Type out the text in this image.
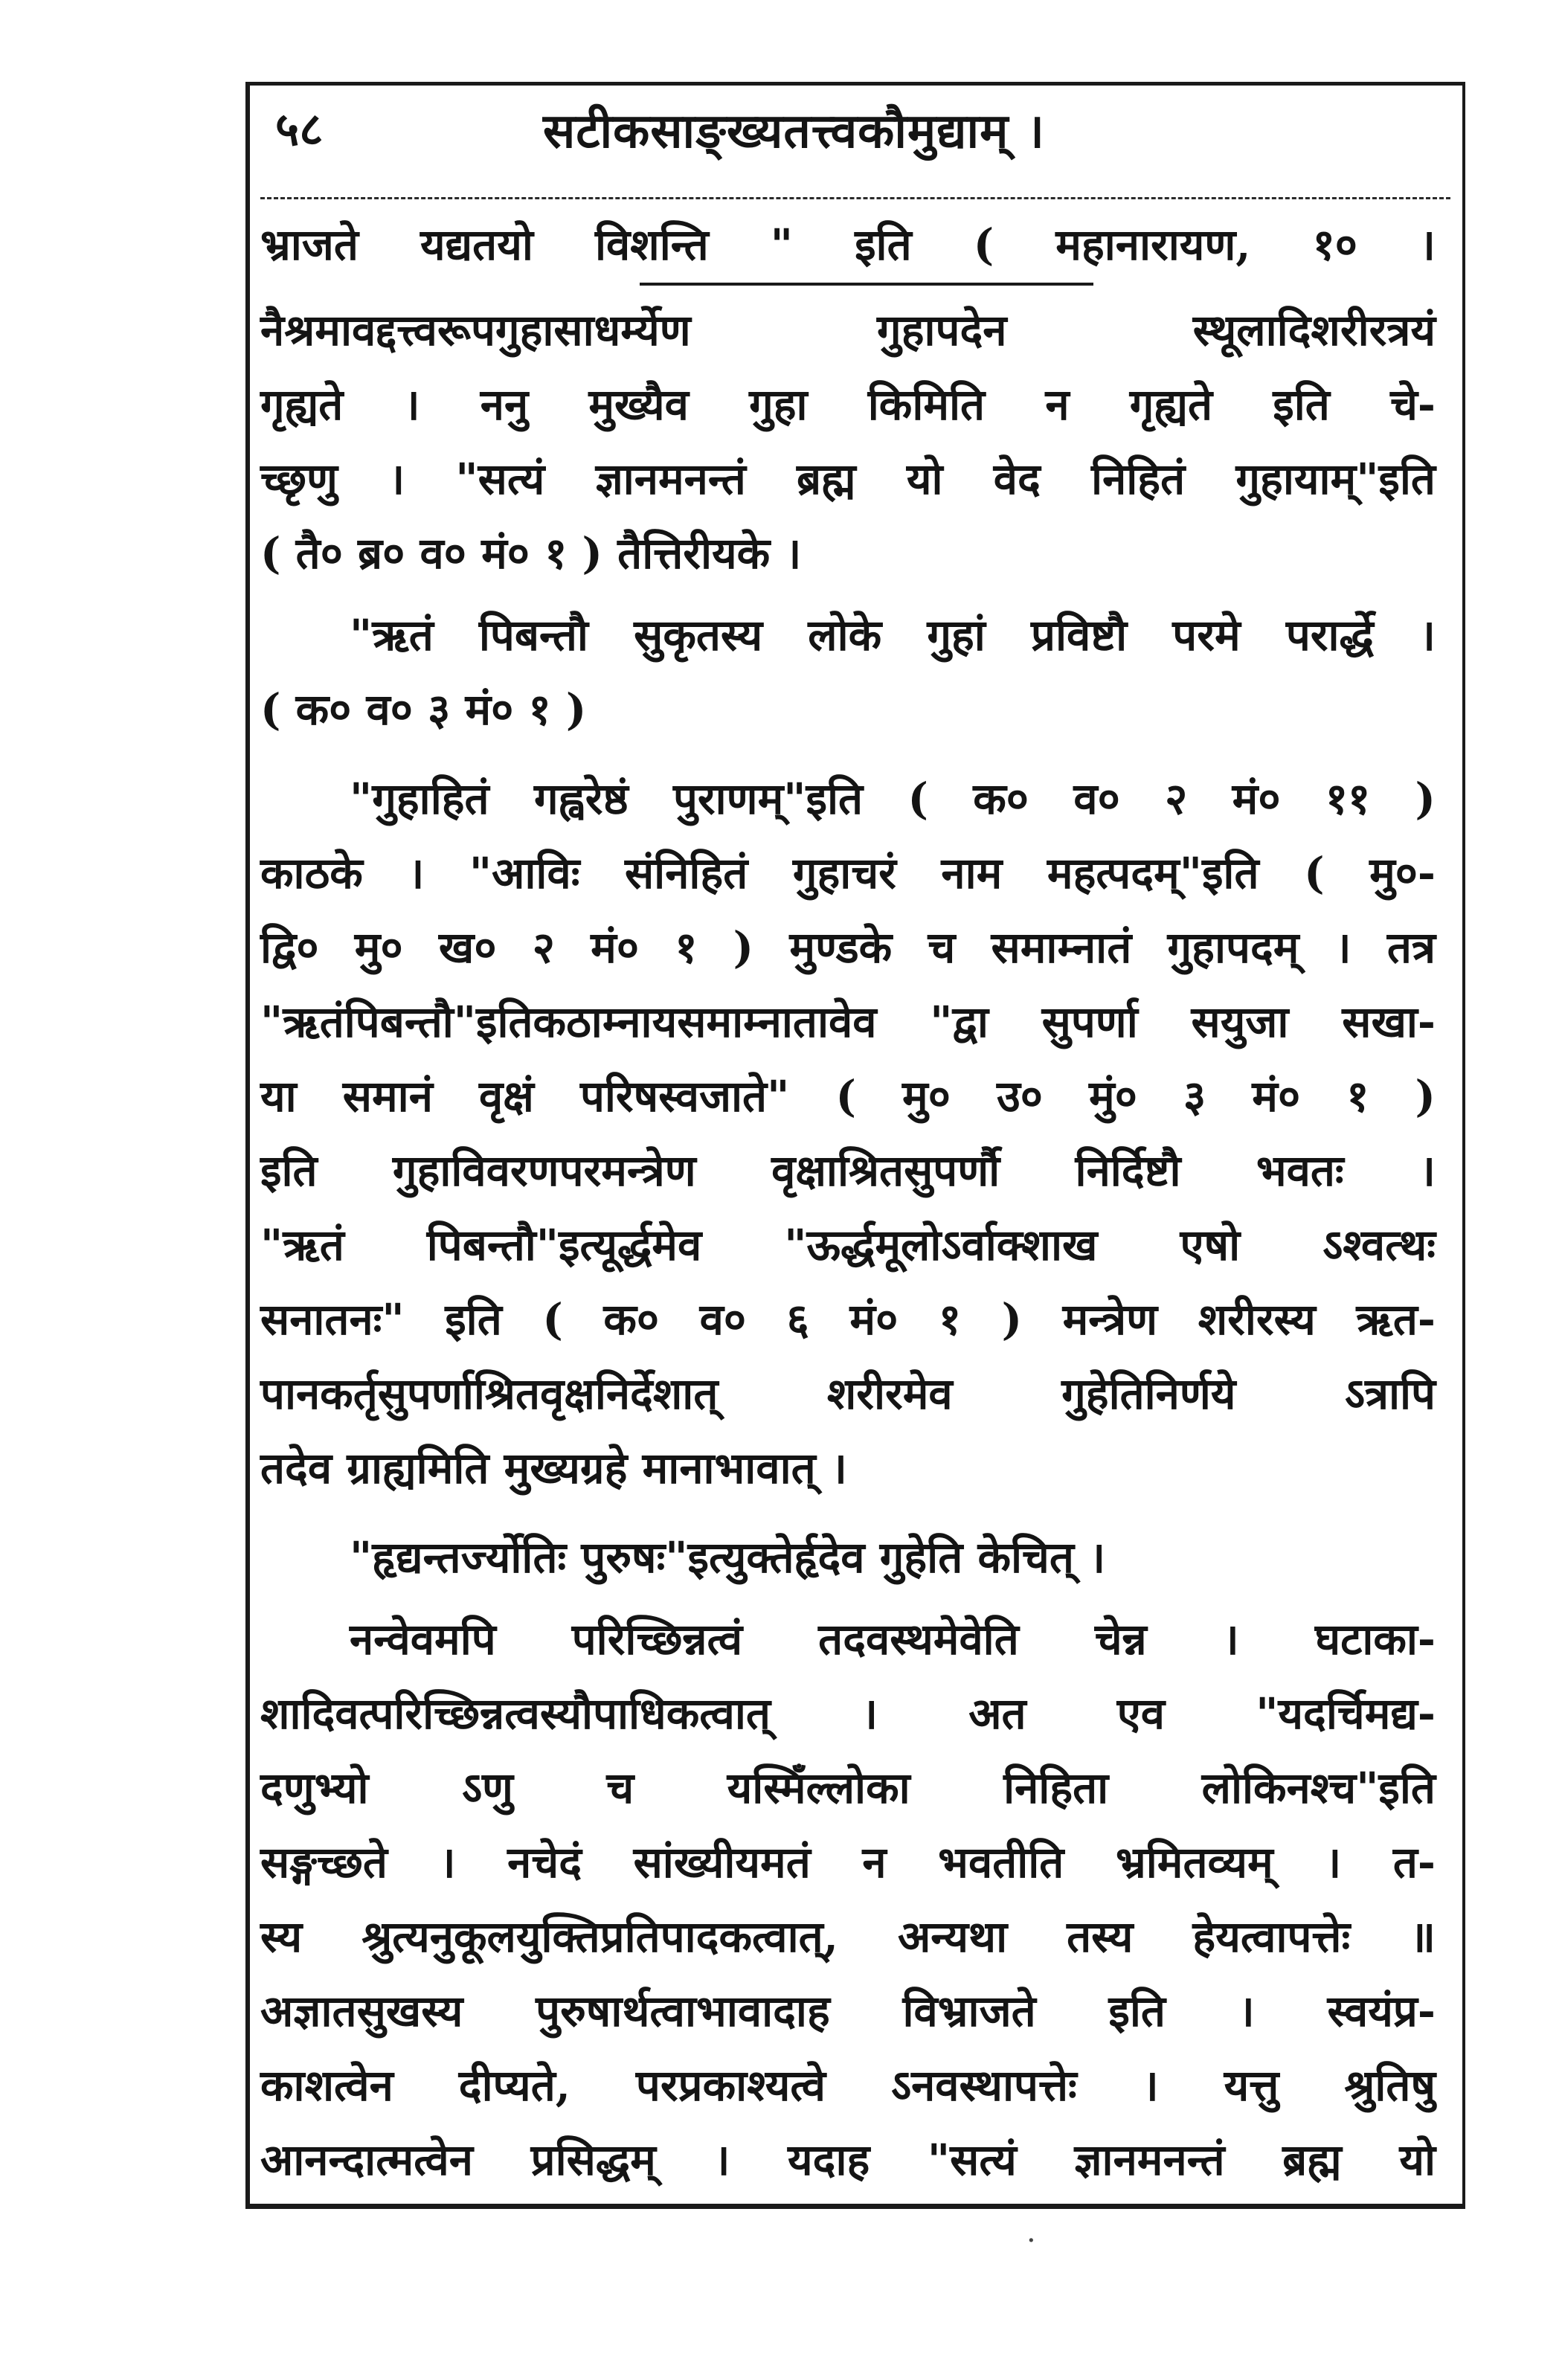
५८	सटीकसाङ्ख्यतत्त्वकौमुद्याम् ।
भ्राजते यद्यतयो विशन्ति " इति ( महानारायण, १० ।
नैश्रमावद्दत्त्वरूपगुहासाधर्म्येण गुहापदेन स्थूलादिशरीरत्रयं
गृह्यते । ननु मुख्यैव गुहा किमिति न गृह्यते इति चे-
च्छृणु । "सत्यं ज्ञानमनन्तं ब्रह्म यो वेद निहितं गुहायाम्"इति
( तै० ब्र० व० मं० १ ) तैत्तिरीयके ।
"ऋतं पिबन्तौ सुकृतस्य लोके गुहां प्रविष्टौ परमे परार्द्धे ।
( क० व० ३ मं० १ )
"गुहाहितं गह्वरेष्ठं पुराणम्"इति ( क० व० २ मं० ११ )
काठके । "आविः संनिहितं गुहाचरं नाम महत्पदम्"इति ( मु०-
द्वि० मु० ख० २ मं० १ ) मुण्डके च समाम्नातं गुहापदम् । तत्र
"ऋतंपिबन्तौ"इतिकठाम्नायसमाम्नातावेव "द्वा सुपर्णा सयुजा सखा-
या समानं वृक्षं परिषस्वजाते" ( मु० उ० मुं० ३ मं० १ )
इति गुहाविवरणपरमन्त्रेण वृक्षाश्रितसुपर्णौ निर्दिष्टौ भवतः ।
"ऋतं पिबन्तौ"इत्यूर्द्धमेव "ऊर्द्धमूलोऽर्वाक्शाख एषो ऽश्वत्थः
सनातनः" इति ( क० व० ६ मं० १ ) मन्त्रेण शरीरस्य ऋत-
पानकर्तृसुपर्णाश्रितवृक्षनिर्देशात् शरीरमेव गुहेतिनिर्णये ऽत्रापि
तदेव ग्राह्यमिति मुख्यग्रहे मानाभावात् ।
"हृद्यन्तर्ज्योतिः पुरुषः"इत्युक्तेर्हृदेव गुहेति केचित् ।
नन्वेवमपि परिच्छिन्नत्वं तदवस्थमेवेति चेन्न । घटाका-
शादिवत्परिच्छिन्नत्वस्यौपाधिकत्वात् । अत एव "यदर्चिमद्य-
दणुभ्यो ऽणु च यस्मिँल्लोका निहिता लोकिनश्च"इति
सङ्गच्छते । नचेदं सांख्यीयमतं न भवतीति भ्रमितव्यम् । त-
स्य श्रुत्यनुकूलयुक्तिप्रतिपादकत्वात्, अन्यथा तस्य हेयत्वापत्तेः ॥
अज्ञातसुखस्य पुरुषार्थत्वाभावादाह विभ्राजते इति । स्वयंप्र-
काशत्वेन दीप्यते, परप्रकाश्यत्वे ऽनवस्थापत्तेः । यत्तु श्रुतिषु
आनन्दात्मत्वेन प्रसिद्धम् । यदाह "सत्यं ज्ञानमनन्तं ब्रह्म यो
·
